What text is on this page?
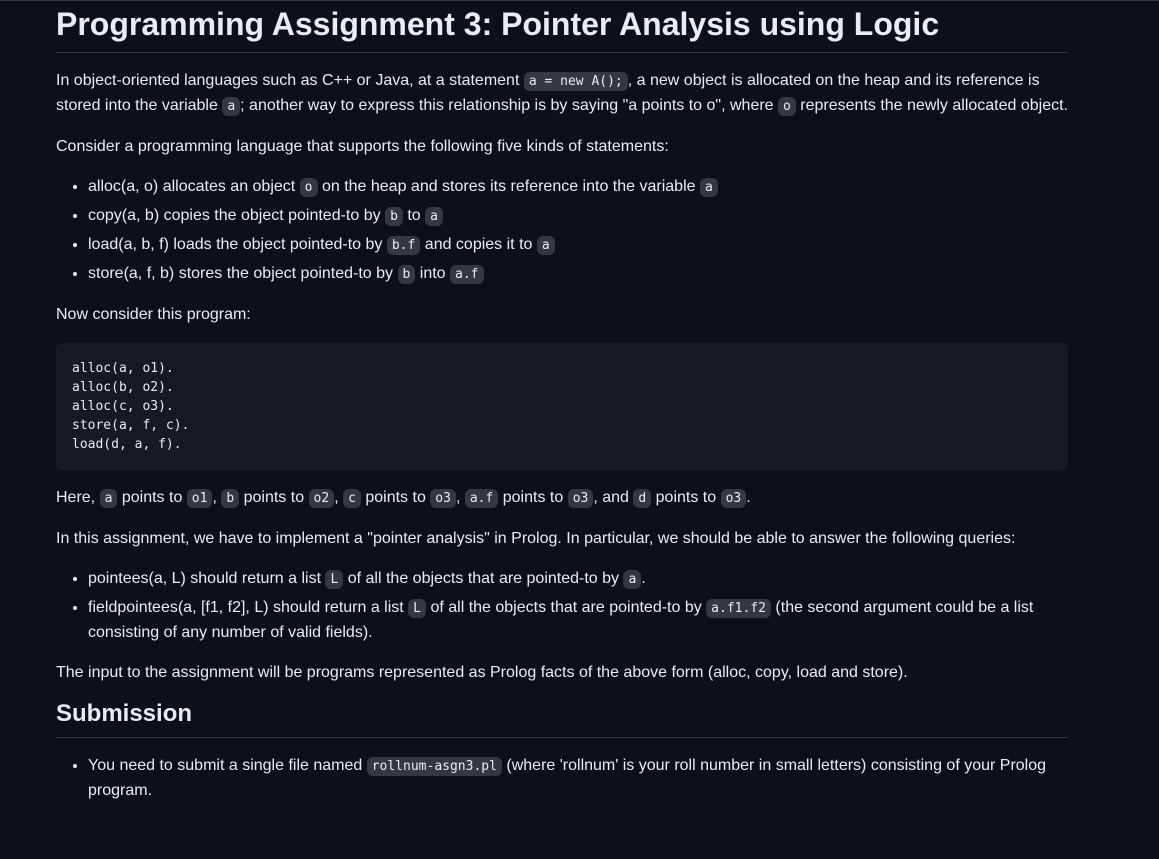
Programming Assignment 3: Pointer Analysis using Logic

In object-oriented languages such as C++ or Java, at a statement a = new A(); , a new object is allocated on the heap and its reference is stored into the variable a ; another way to express this relationship is by saying "a points to o", where o represents the newly allocated object.

Consider a programming language that supports the following five kinds of statements:

• alloc(a, o) allocates an object o on the heap and stores its reference into the variable a
• copy(a, b) copies the object pointed-to by b to a
• load(a, b, f) loads the object pointed-to by b.f and copies it to a
• store(a, f, b) stores the object pointed-to by b into a.f

Now consider this program:

alloc(a, o1).
alloc(b, o2).
alloc(c, o3).
store(a, f, c).
load(d, a, f).

Here, a points to o1 , b points to o2 , c points to o3 , a.f points to o3 , and d points to o3 .

In this assignment, we have to implement a "pointer analysis" in Prolog. In particular, we should be able to answer the following queries:

• pointees(a, L) should return a list L of all the objects that are pointed-to by a .
• fieldpointees(a, [f1, f2], L) should return a list L of all the objects that are pointed-to by a.f1.f2 (the second argument could be a list consisting of any number of valid fields).

The input to the assignment will be programs represented as Prolog facts of the above form (alloc, copy, load and store).

Submission
• You need to submit a single file named rollnum-asgn3.pl (where 'rollnum' is your roll number in small letters) consisting of your Prolog program.
